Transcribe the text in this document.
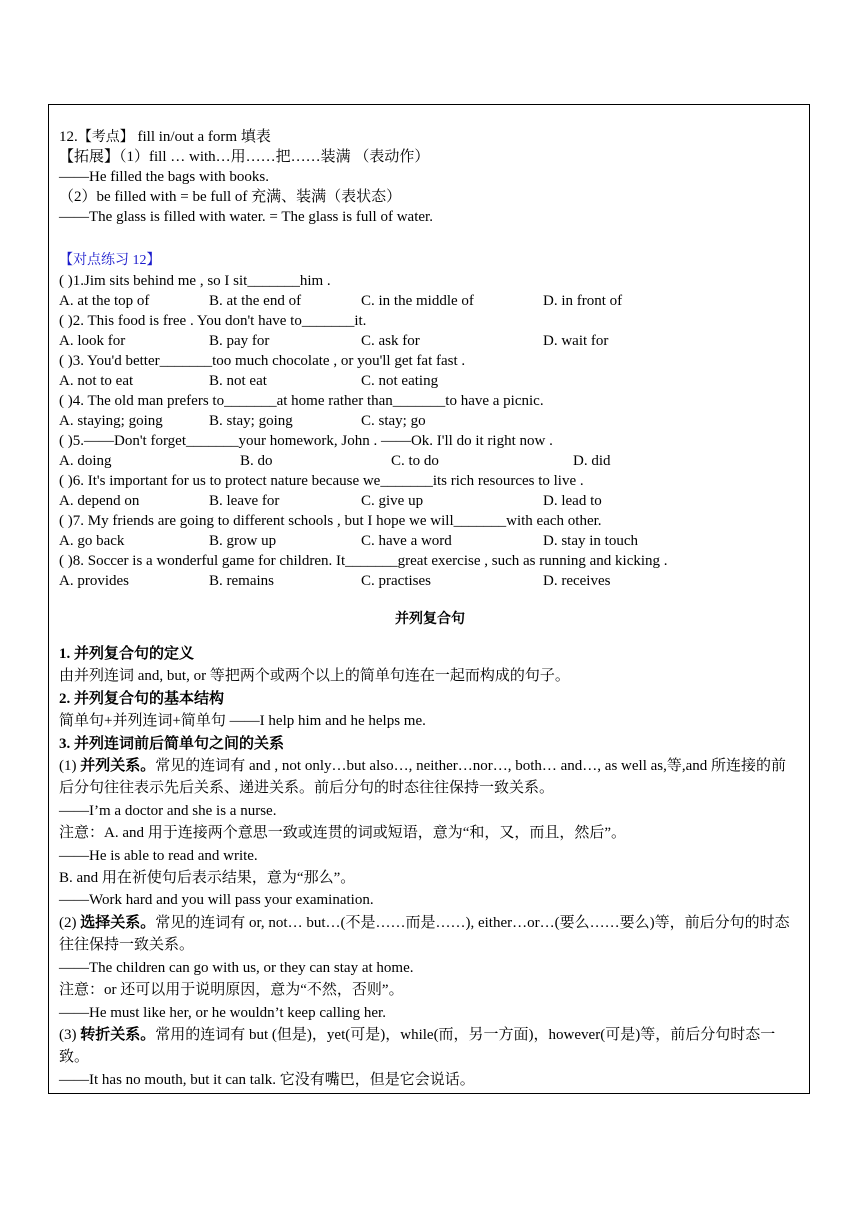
12.【考点】 fill in/out a form 填表
【拓展】（1）fill … with…用……把……装满 （表动作）
——He filled the bags with books.
（2）be filled with = be full of 充满、装满（表状态）
——The glass is filled with water. = The glass is full of water.
【对点练习 12】
( )1.Jim sits behind me , so I sit_______him .
A. at the top of	B. at the end of	C. in the middle of	D. in front of
( )2. This food is free . You don't have to_______it.
A. look for	B. pay for	C. ask for	D. wait for
( )3. You'd better_______too much chocolate , or you'll get fat fast .
A. not to eat	B. not eat	C. not eating
( )4. The old man prefers to_______at home rather than_______to have a picnic.
A. staying; going	B. stay; going	C. stay; go
( )5.——Don't forget_______your homework, John . ——Ok. I'll do it right now .
A. doing	B. do	C. to do	D. did
( )6. It's important for us to protect nature because we_______its rich resources to live .
A. depend on	B. leave for	C. give up	D. lead to
( )7. My friends are going to different schools , but I hope we will_______with each other.
A. go back	B. grow up	C. have a word	D. stay in touch
( )8. Soccer is a wonderful game for children. It_______great exercise , such as running and kicking .
A. provides	B. remains	C. practises	D. receives
并列复合句
1. 并列复合句的定义
由并列连词 and, but, or 等把两个或两个以上的简单句连在一起而构成的句子。
2. 并列复合句的基本结构
简单句+并列连词+简单句 ——I help him and he helps me.
3. 并列连词前后简单句之间的关系
(1) 并列关系。常见的连词有 and , not only…but also…, neither…nor…, both… and…, as well as,等,and 所连接的前后分句往往表示先后关系、递进关系。前后分句的时态往往保持一致关系。
——I’m a doctor and she is a nurse.
注意：A. and 用于连接两个意思一致或连贯的词或短语，意为“和，又，而且，然后”。
——He is able to read and write.
B. and 用在祈使句后表示结果，意为“那么”。
——Work hard and you will pass your examination.
(2) 选择关系。常见的连词有 or, not… but…(不是……而是……), either…or…(要么……要么)等，前后分句的时态往往保持一致关系。
——The children can go with us, or they can stay at home.
注意：or 还可以用于说明原因，意为“不然，否则”。
——He must like her, or he wouldn’t keep calling her.
(3) 转折关系。常用的连词有 but (但是)，yet(可是)，while(而，另一方面)，however(可是)等，前后分句时态一致。
——It has no mouth, but it can talk. 它没有嘴巴，但是它会说话。
